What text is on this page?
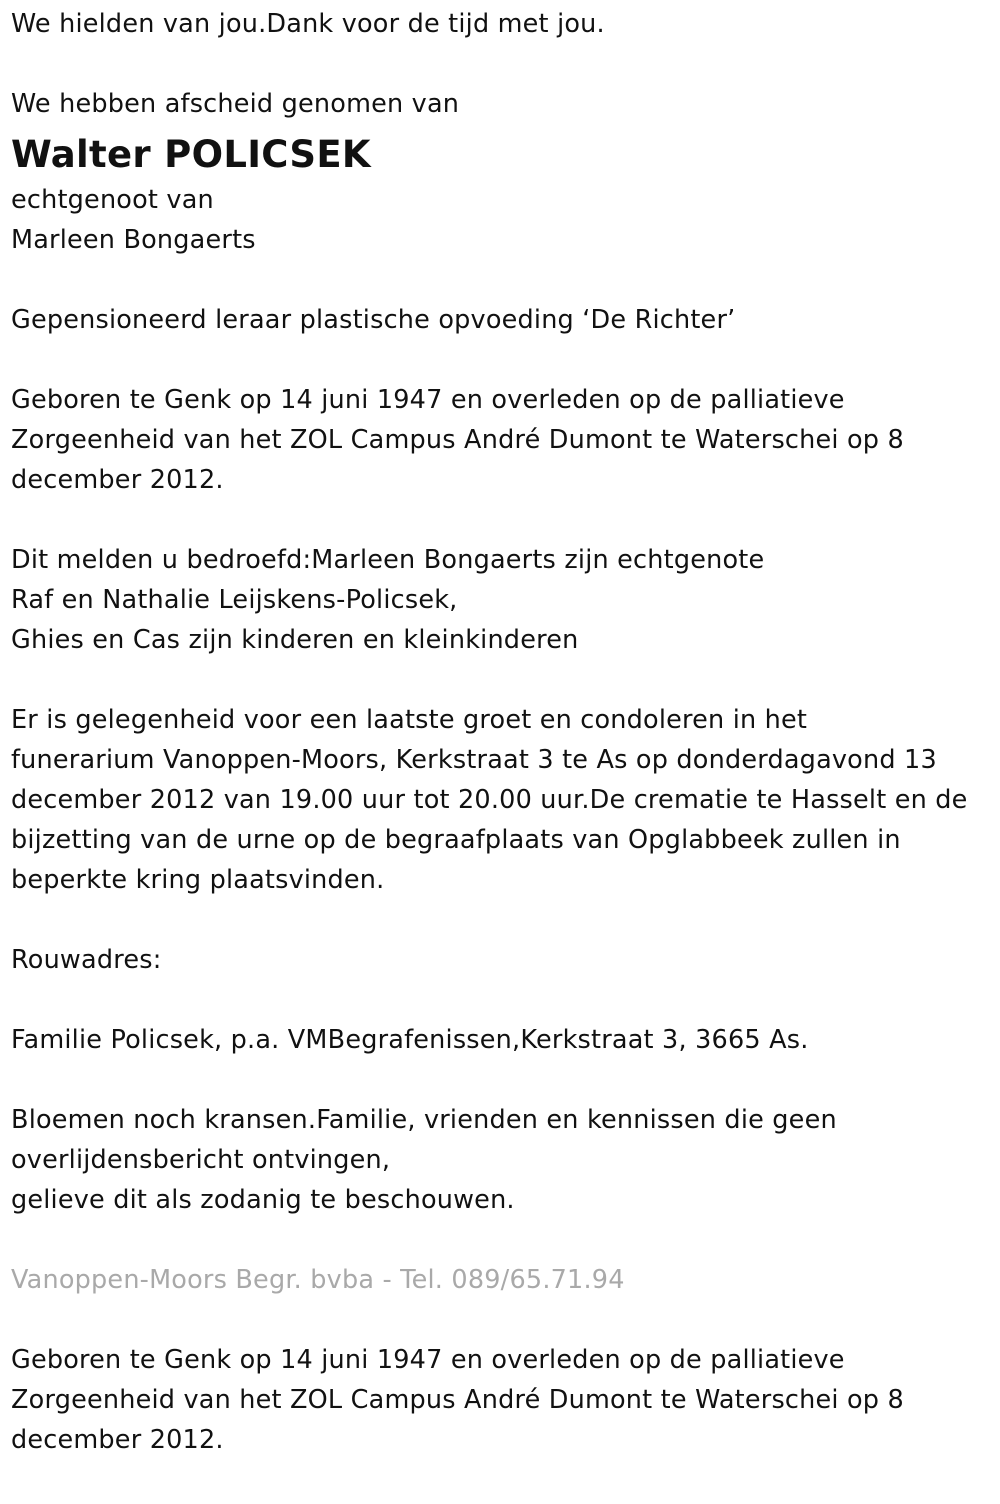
We hielden van jou.Dank voor de tijd met jou.
We hebben afscheid genomen van
Walter POLICSEK
echtgenoot van
Marleen Bongaerts
Gepensioneerd leraar plastische opvoeding ‘De Richter’
Geboren te Genk op 14 juni 1947 en overleden op de palliatieve
Zorgeenheid van het ZOL Campus André Dumont te Waterschei op 8
december 2012.
Dit melden u bedroefd:Marleen Bongaerts zijn echtgenote
Raf en Nathalie Leijskens-Policsek,
Ghies en Cas zijn kinderen en kleinkinderen
Er is gelegenheid voor een laatste groet en condoleren in het
funerarium Vanoppen-Moors, Kerkstraat 3 te As op donderdagavond 13
december 2012 van 19.00 uur tot 20.00 uur.De crematie te Hasselt en de
bijzetting van de urne op de begraafplaats van Opglabbeek zullen in
beperkte kring plaatsvinden.
Rouwadres:
Familie Policsek, p.a. VMBegrafenissen,Kerkstraat 3, 3665 As.
Bloemen noch kransen.Familie, vrienden en kennissen die geen
overlijdensbericht ontvingen,
gelieve dit als zodanig te beschouwen.
Vanoppen-Moors Begr. bvba - Tel. 089/65.71.94
Geboren te Genk op 14 juni 1947 en overleden op de palliatieve
Zorgeenheid van het ZOL Campus André Dumont te Waterschei op 8
december 2012.
